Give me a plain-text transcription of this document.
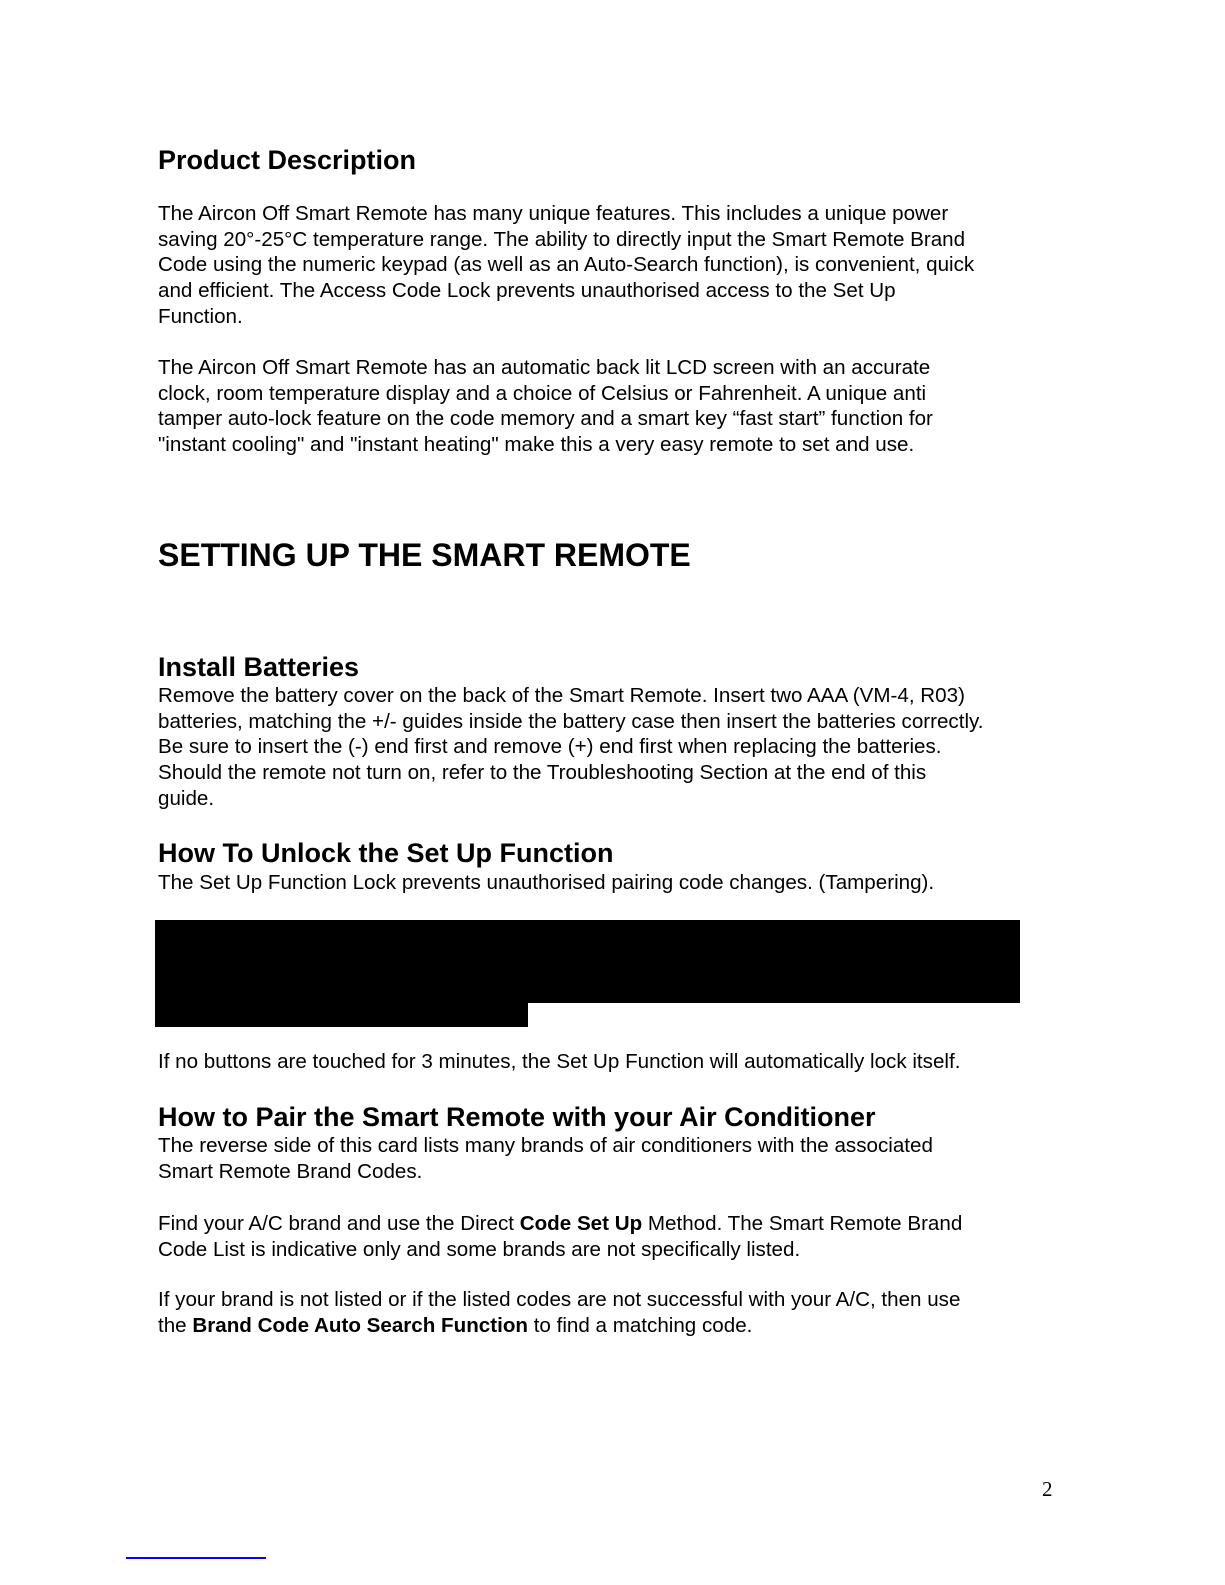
Product Description
The Aircon Off Smart Remote has many unique features. This includes a unique power
saving 20°-25°C temperature range. The ability to directly input the Smart Remote Brand
Code using the numeric keypad (as well as an Auto-Search function), is convenient, quick
and efficient. The Access Code Lock prevents unauthorised access to the Set Up
Function.
The Aircon Off Smart Remote has an automatic back lit LCD screen with an accurate
clock, room temperature display and a choice of Celsius or Fahrenheit. A unique anti
tamper auto-lock feature on the code memory and a smart key “fast start” function for
"instant cooling" and "instant heating" make this a very easy remote to set and use.
SETTING UP THE SMART REMOTE
Install Batteries
Remove the battery cover on the back of the Smart Remote. Insert two AAA (VM-4, R03)
batteries, matching the +/- guides inside the battery case then insert the batteries correctly.
Be sure to insert the (-) end first and remove (+) end first when replacing the batteries.
Should the remote not turn on, refer to the Troubleshooting Section at the end of this
guide.
How To Unlock the Set Up Function
The Set Up Function Lock prevents unauthorised pairing code changes. (Tampering).
If no buttons are touched for 3 minutes, the Set Up Function will automatically lock itself.
How to Pair the Smart Remote with your Air Conditioner
The reverse side of this card lists many brands of air conditioners with the associated
Smart Remote Brand Codes.
Find your A/C brand and use the Direct Code Set Up Method. The Smart Remote Brand
Code List is indicative only and some brands are not specifically listed.
If your brand is not listed or if the listed codes are not successful with your A/C, then use
the Brand Code Auto Search Function to find a matching code.
2
